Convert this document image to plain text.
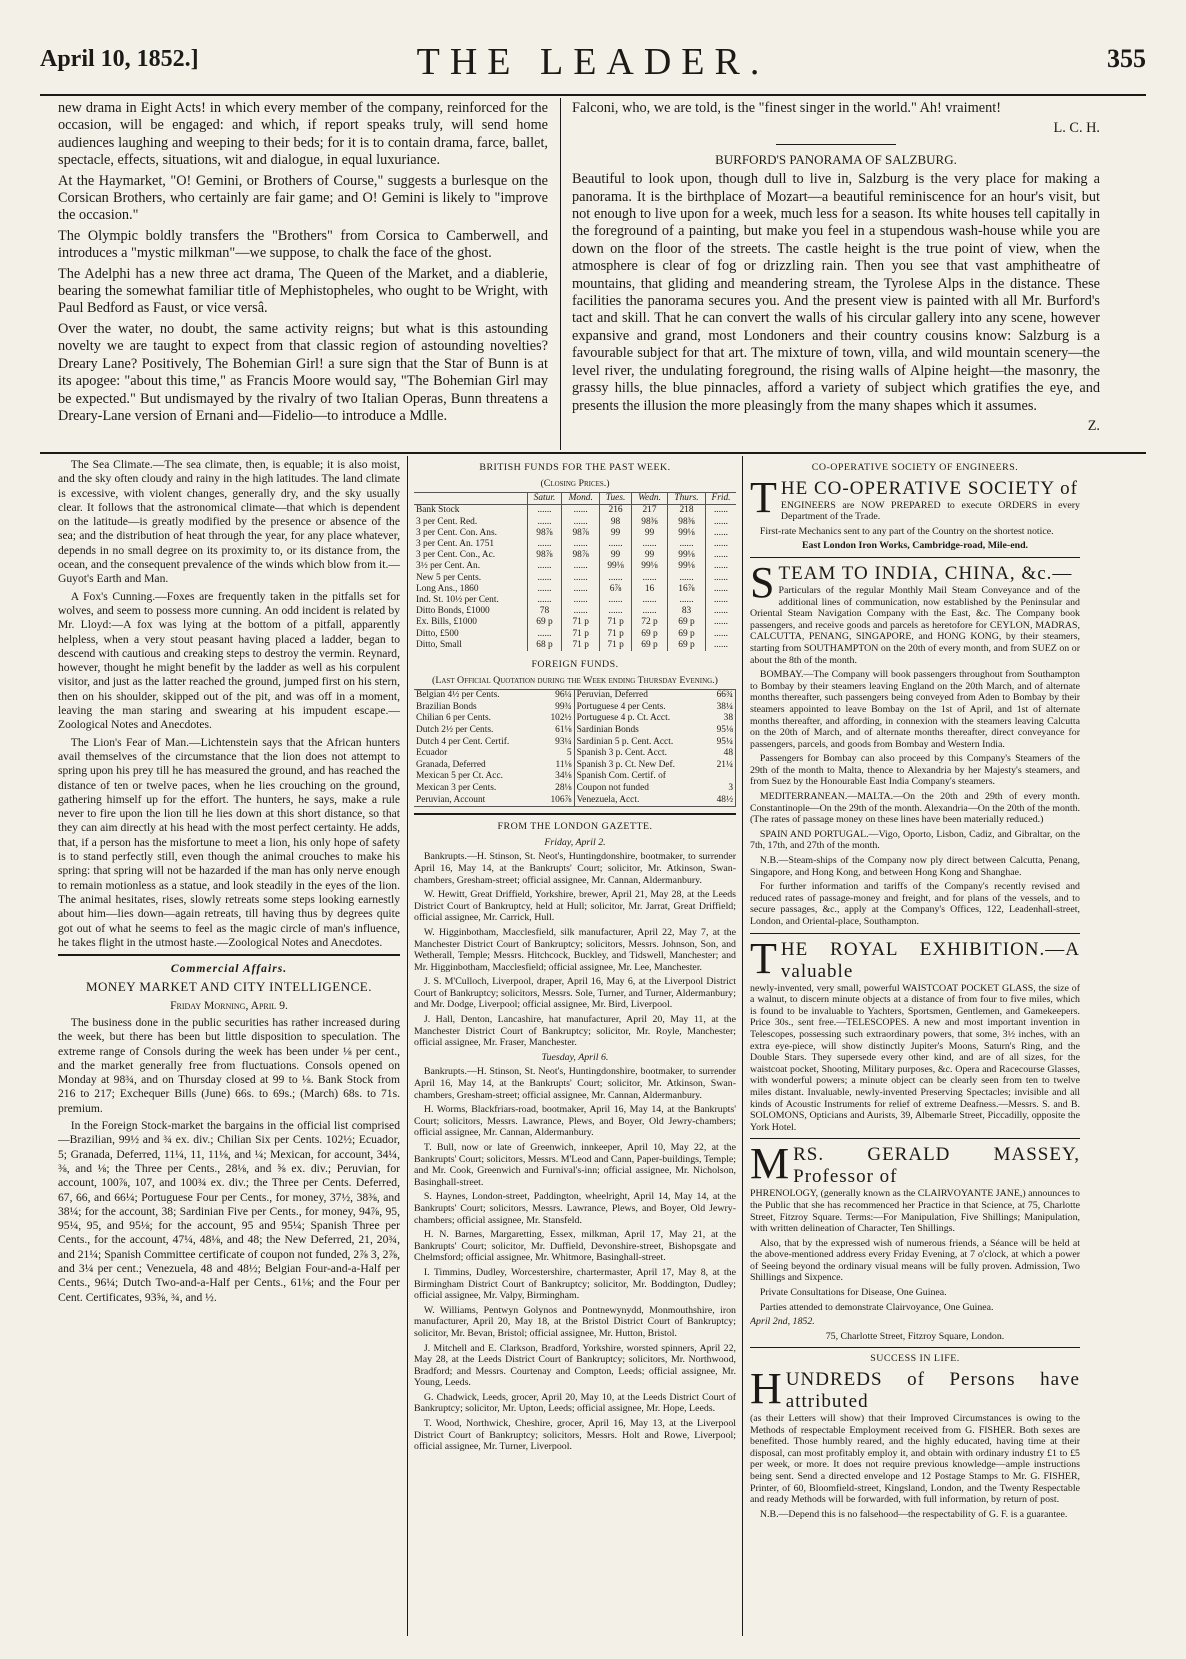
April 10, 1852.]	THE LEADER.	355

new drama in Eight Acts! in which every member of the company, reinforced for the occasion, will be engaged: and which, if report speaks truly, will send home audiences laughing and weeping to their beds; for it is to contain drama, farce, ballet, spectacle, effects, situations, wit and dialogue, in equal luxuriance.

At the Haymarket, "O! Gemini, or Brothers of Course," suggests a burlesque on the Corsican Brothers, who certainly are fair game; and O! Gemini is likely to "improve the occasion."

The Olympic boldly transfers the "Brothers" from Corsica to Camberwell, and introduces a "mystic milkman"—we suppose, to chalk the face of the ghost.

The Adelphi has a new three act drama, The Queen of the Market, and a diablerie, bearing the somewhat familiar title of Mephistopheles, who ought to be Wright, with Paul Bedford as Faust, or vice versâ.

Over the water, no doubt, the same activity reigns; but what is this astounding novelty we are taught to expect from that classic region of astounding novelties? Dreary Lane? Positively, The Bohemian Girl! a sure sign that the Star of Bunn is at its apogee: "about this time," as Francis Moore would say, "The Bohemian Girl may be expected." But undismayed by the rivalry of two Italian Operas, Bunn threatens a Dreary-Lane version of Ernani and—Fidelio—to introduce a Mdlle.

Falconi, who, we are told, is the "finest singer in the world." Ah! vraiment!

L. C. H.

BURFORD'S PANORAMA OF SALZBURG.

Beautiful to look upon, though dull to live in, Salzburg is the very place for making a panorama. It is the birthplace of Mozart—a beautiful reminiscence for an hour's visit, but not enough to live upon for a week, much less for a season. Its white houses tell capitally in the foreground of a painting, but make you feel in a stupendous wash-house while you are down on the floor of the streets. The castle height is the true point of view, when the atmosphere is clear of fog or drizzling rain. Then you see that vast amphitheatre of mountains, that gliding and meandering stream, the Tyrolese Alps in the distance. These facilities the panorama secures you. And the present view is painted with all Mr. Burford's tact and skill. That he can convert the walls of his circular gallery into any scene, however expansive and grand, most Londoners and their country cousins know: Salzburg is a favourable subject for that art. The mixture of town, villa, and wild mountain scenery—the level river, the undulating foreground, the rising walls of Alpine height—the masonry, the grassy hills, the blue pinnacles, afford a variety of subject which gratifies the eye, and presents the illusion the more pleasingly from the many shapes which it assumes.

Z.

The Sea Climate.—The sea climate, then, is equable; it is also moist, and the sky often cloudy and rainy in the high latitudes. The land climate is excessive, with violent changes, generally dry, and the sky usually clear. It follows that the astronomical climate—that which is dependent on the latitude—is greatly modified by the presence or absence of the sea; and the distribution of heat through the year, for any place whatever, depends in no small degree on its proximity to, or its distance from, the ocean, and the consequent prevalence of the winds which blow from it.—Guyot's Earth and Man.

A Fox's Cunning.—Foxes are frequently taken in the pitfalls set for wolves, and seem to possess more cunning. An odd incident is related by Mr. Lloyd:—A fox was lying at the bottom of a pitfall, apparently helpless, when a very stout peasant having placed a ladder, began to descend with cautious and creaking steps to destroy the vermin. Reynard, however, thought he might benefit by the ladder as well as his corpulent visitor, and just as the latter reached the ground, jumped first on his stern, then on his shoulder, skipped out of the pit, and was off in a moment, leaving the man staring and swearing at his impudent escape.—Zoological Notes and Anecdotes.

The Lion's Fear of Man.—Lichtenstein says that the African hunters avail themselves of the circumstance that the lion does not attempt to spring upon his prey till he has measured the ground, and has reached the distance of ten or twelve paces, when he lies crouching on the ground, gathering himself up for the effort. The hunters, he says, make a rule never to fire upon the lion till he lies down at this short distance, so that they can aim directly at his head with the most perfect certainty. He adds, that, if a person has the misfortune to meet a lion, his only hope of safety is to stand perfectly still, even though the animal crouches to make his spring: that spring will not be hazarded if the man has only nerve enough to remain motionless as a statue, and look steadily in the eyes of the lion. The animal hesitates, rises, slowly retreats some steps looking earnestly about him—lies down—again retreats, till having thus by degrees quite got out of what he seems to feel as the magic circle of man's influence, he takes flight in the utmost haste.—Zoological Notes and Anecdotes.

Commercial Affairs.

MONEY MARKET AND CITY INTELLIGENCE.

Friday Morning, April 9.

The business done in the public securities has rather increased during the week, but there has been but little disposition to speculation. The extreme range of Consols during the week has been under ⅛ per cent., and the market generally free from fluctuations. Consols opened on Monday at 98¾, and on Thursday closed at 99 to ⅛. Bank Stock from 216 to 217; Exchequer Bills (June) 66s. to 69s.; (March) 68s. to 71s. premium.

In the Foreign Stock-market the bargains in the official list comprised—Brazilian, 99½ and ¾ ex. div.; Chilian Six per Cents. 102½; Ecuador, 5; Granada, Deferred, 11¼, 11, 11⅛, and ¼; Mexican, for account, 34¼, ⅜, and ⅛; the Three per Cents., 28⅛, and ⅝ ex. div.; Peruvian, for account, 100⅞, 107, and 100¾ ex. div.; the Three per Cents. Deferred, 67, 66, and 66¼; Portuguese Four per Cents., for money, 37½, 38⅜, and 38¼; for the account, 38; Sardinian Five per Cents., for money, 94⅞, 95, 95¼, 95, and 95⅛; for the account, 95 and 95¼; Spanish Three per Cents., for the account, 47¼, 48⅛, and 48; the New Deferred, 21, 20¾, and 21¼; Spanish Committee certificate of coupon not funded, 2⅞ 3, 2⅞, and 3¼ per cent.; Venezuela, 48 and 48½; Belgian Four-and-a-Half per Cents., 96¼; Dutch Two-and-a-Half per Cents., 61⅛; and the Four per Cent. Certificates, 93⅝, ¾, and ½.

BRITISH FUNDS FOR THE PAST WEEK.

(Closing Prices.)

	Satur.	Mond.	Tues.	Wedn.	Thurs.	Frid.
Bank Stock	......	......	216	217	218	......
3 per Cent. Red.	......	......	98	98⅜	98⅜	......
3 per Cent. Con. Ans.	98⅞	98⅞	99	99	99⅛	......
3 per Cent. An. 1751	......	......	......	......	......	......
3 per Cent. Con., Ac.	98⅞	98⅞	99	99	99⅛	......
3½ per Cent. An.	......	......	99⅛	99⅛	99⅛	......
New 5 per Cents.	......	......	......	......	......	......
Long Ans., 1860	......	......	6⅞	16	16⅞	......
Ind. St. 10½ per Cent.	......	......	......	......	......	......
Ditto Bonds, £1000	78	......	......	......	83	......
Ex. Bills, £1000	69 p	71 p	71 p	72 p	69 p	......
Ditto, £500	......	71 p	71 p	69 p	69 p	......
Ditto, Small	68 p	71 p	71 p	69 p	69 p	......

FOREIGN FUNDS.

(Last Official Quotation during the Week ending Thursday Evening.)

Belgian 4½ per Cents.	96¼	Peruvian, Deferred	66¾
Brazilian Bonds	99¾	Portuguese 4 per Cents.	38¼
Chilian 6 per Cents.	102½	Portuguese 4 p. Ct. Acct.	38
Dutch 2½ per Cents.	61⅛	Sardinian Bonds	95⅛
Dutch 4 per Cent. Certif.	93¼	Sardinian 5 p. Cent. Acct.	95¼
Ecuador	5	Spanish 3 p. Cent. Acct.	48
Granada, Deferred	11⅛	Spanish 3 p. Ct. New Def.	21¼
Mexican 5 per Ct. Acc.	34⅛	Spanish Com. Certif. of	
Mexican 3 per Cents.	28⅛	Coupon not funded	3
Peruvian, Account	106⅞	Venezuela, Acct.	48½

FROM THE LONDON GAZETTE.

Friday, April 2.

Bankrupts.—H. Stinson, St. Neot's, Huntingdonshire, bootmaker, to surrender April 16, May 14, at the Bankrupts' Court; solicitor, Mr. Atkinson, Swan-chambers, Gresham-street; official assignee, Mr. Cannan, Aldermanbury.

W. Hewitt, Great Driffield, Yorkshire, brewer, April 21, May 28, at the Leeds District Court of Bankruptcy, held at Hull; solicitor, Mr. Jarrat, Great Driffield; official assignee, Mr. Carrick, Hull.

W. Higginbotham, Macclesfield, silk manufacturer, April 22, May 7, at the Manchester District Court of Bankruptcy; solicitors, Messrs. Johnson, Son, and Wetherall, Temple; Messrs. Hitchcock, Buckley, and Tidswell, Manchester; and Mr. Higginbotham, Macclesfield; official assignee, Mr. Lee, Manchester.

J. S. M'Culloch, Liverpool, draper, April 16, May 6, at the Liverpool District Court of Bankruptcy; solicitors, Messrs. Sole, Turner, and Turner, Aldermanbury; and Mr. Dodge, Liverpool; official assignee, Mr. Bird, Liverpool.

J. Hall, Denton, Lancashire, hat manufacturer, April 20, May 11, at the Manchester District Court of Bankruptcy; solicitor, Mr. Royle, Manchester; official assignee, Mr. Fraser, Manchester.

Tuesday, April 6.

Bankrupts.—H. Stinson, St. Neot's, Huntingdonshire, bootmaker, to surrender April 16, May 14, at the Bankrupts' Court; solicitor, Mr. Atkinson, Swan-chambers, Gresham-street; official assignee, Mr. Cannan, Aldermanbury.

H. Worms, Blackfriars-road, bootmaker, April 16, May 14, at the Bankrupts' Court; solicitors, Messrs. Lawrance, Plews, and Boyer, Old Jewry-chambers; official assignee, Mr. Cannan, Aldermanbury.

T. Bull, now or late of Greenwich, innkeeper, April 10, May 22, at the Bankrupts' Court; solicitors, Messrs. M'Leod and Cann, Paper-buildings, Temple; and Mr. Cook, Greenwich and Furnival's-inn; official assignee, Mr. Nicholson, Basinghall-street.

S. Haynes, London-street, Paddington, wheelright, April 14, May 14, at the Bankrupts' Court; solicitors, Messrs. Lawrance, Plews, and Boyer, Old Jewry-chambers; official assignee, Mr. Stansfeld.

H. N. Barnes, Margaretting, Essex, milkman, April 17, May 21, at the Bankrupts' Court; solicitor, Mr. Duffield, Devonshire-street, Bishopsgate and Chelmsford; official assignee, Mr. Whitmore, Basinghall-street.

I. Timmins, Dudley, Worcestershire, chartermaster, April 17, May 8, at the Birmingham District Court of Bankruptcy; solicitor, Mr. Boddington, Dudley; official assignee, Mr. Valpy, Birmingham.

W. Williams, Pentwyn Golynos and Pontnewynydd, Monmouthshire, iron manufacturer, April 20, May 18, at the Bristol District Court of Bankruptcy; solicitor, Mr. Bevan, Bristol; official assignee, Mr. Hutton, Bristol.

J. Mitchell and E. Clarkson, Bradford, Yorkshire, worsted spinners, April 22, May 28, at the Leeds District Court of Bankruptcy; solicitors, Mr. Northwood, Bradford; and Messrs. Courtenay and Compton, Leeds; official assignee, Mr. Young, Leeds.

G. Chadwick, Leeds, grocer, April 20, May 10, at the Leeds District Court of Bankruptcy; solicitor, Mr. Upton, Leeds; official assignee, Mr. Hope, Leeds.

T. Wood, Northwick, Cheshire, grocer, April 16, May 13, at the Liverpool District Court of Bankruptcy; solicitors, Messrs. Holt and Rowe, Liverpool; official assignee, Mr. Turner, Liverpool.

CO-OPERATIVE SOCIETY OF ENGINEERS.

T HE CO-OPERATIVE SOCIETY of
ENGINEERS are NOW PREPARED to execute ORDERS in every Department of the Trade.

First-rate Mechanics sent to any part of the Country on the shortest notice.

East London Iron Works, Cambridge-road, Mile-end.

S TEAM TO INDIA, CHINA, &c.—
Particulars of the regular Monthly Mail Steam Conveyance and of the additional lines of communication, now established by the Peninsular and Oriental Steam Navigation Company with the East, &c. The Company book passengers, and receive goods and parcels as heretofore for CEYLON, MADRAS, CALCUTTA, PENANG, SINGAPORE, and HONG KONG, by their steamers, starting from SOUTHAMPTON on the 20th of every month, and from SUEZ on or about the 8th of the month.

BOMBAY.—The Company will book passengers throughout from Southampton to Bombay by their steamers leaving England on the 20th March, and of alternate months thereafter, such passengers being conveyed from Aden to Bombay by their steamers appointed to leave Bombay on the 1st of April, and 1st of alternate months thereafter, and affording, in connexion with the steamers leaving Calcutta on the 20th of March, and of alternate months thereafter, direct conveyance for passengers, parcels, and goods from Bombay and Western India.

Passengers for Bombay can also proceed by this Company's Steamers of the 29th of the month to Malta, thence to Alexandria by her Majesty's steamers, and from Suez by the Honourable East India Company's steamers.

MEDITERRANEAN.—MALTA.—On the 20th and 29th of every month. Constantinople—On the 29th of the month. Alexandria—On the 20th of the month. (The rates of passage money on these lines have been materially reduced.)

SPAIN AND PORTUGAL.—Vigo, Oporto, Lisbon, Cadiz, and Gibraltar, on the 7th, 17th, and 27th of the month.

N.B.—Steam-ships of the Company now ply direct between Calcutta, Penang, Singapore, and Hong Kong, and between Hong Kong and Shanghae.

For further information and tariffs of the Company's recently revised and reduced rates of passage-money and freight, and for plans of the vessels, and to secure passages, &c., apply at the Company's Offices, 122, Leadenhall-street, London, and Oriental-place, Southampton.

T HE ROYAL EXHIBITION.—A valuable
newly-invented, very small, powerful WAISTCOAT POCKET GLASS, the size of a walnut, to discern minute objects at a distance of from four to five miles, which is found to be invaluable to Yachters, Sportsmen, Gentlemen, and Gamekeepers. Price 30s., sent free.—TELESCOPES. A new and most important invention in Telescopes, possessing such extraordinary powers, that some, 3½ inches, with an extra eye-piece, will show distinctly Jupiter's Moons, Saturn's Ring, and the Double Stars. They supersede every other kind, and are of all sizes, for the waistcoat pocket, Shooting, Military purposes, &c. Opera and Racecourse Glasses, with wonderful powers; a minute object can be clearly seen from ten to twelve miles distant. Invaluable, newly-invented Preserving Spectacles; invisible and all kinds of Acoustic Instruments for relief of extreme Deafness.—Messrs. S. and B. SOLOMONS, Opticians and Aurists, 39, Albemarle Street, Piccadilly, opposite the York Hotel.

M RS. GERALD MASSEY, Professor of
PHRENOLOGY, (generally known as the CLAIRVOYANTE JANE,) announces to the Public that she has recommenced her Practice in that Science, at 75, Charlotte Street, Fitzroy Square. Terms:—For Manipulation, Five Shillings; Manipulation, with written delineation of Character, Ten Shillings.

Also, that by the expressed wish of numerous friends, a Séance will be held at the above-mentioned address every Friday Evening, at 7 o'clock, at which a power of Seeing beyond the ordinary visual means will be fully proven. Admission, Two Shillings and Sixpence.

Private Consultations for Disease, One Guinea.

Parties attended to demonstrate Clairvoyance, One Guinea.

April 2nd, 1852.

75, Charlotte Street, Fitzroy Square, London.

SUCCESS IN LIFE.

H UNDREDS of Persons have attributed
(as their Letters will show) that their Improved Circumstances is owing to the Methods of respectable Employment received from G. FISHER. Both sexes are benefited. Those humbly reared, and the highly educated, having time at their disposal, can most profitably employ it, and obtain with ordinary industry £1 to £5 per week, or more. It does not require previous knowledge—ample instructions being sent. Send a directed envelope and 12 Postage Stamps to Mr. G. FISHER, Printer, of 60, Bloomfield-street, Kingsland, London, and the Twenty Respectable and ready Methods will be forwarded, with full information, by return of post.

N.B.—Depend this is no falsehood—the respectability of G. F. is a guarantee.
